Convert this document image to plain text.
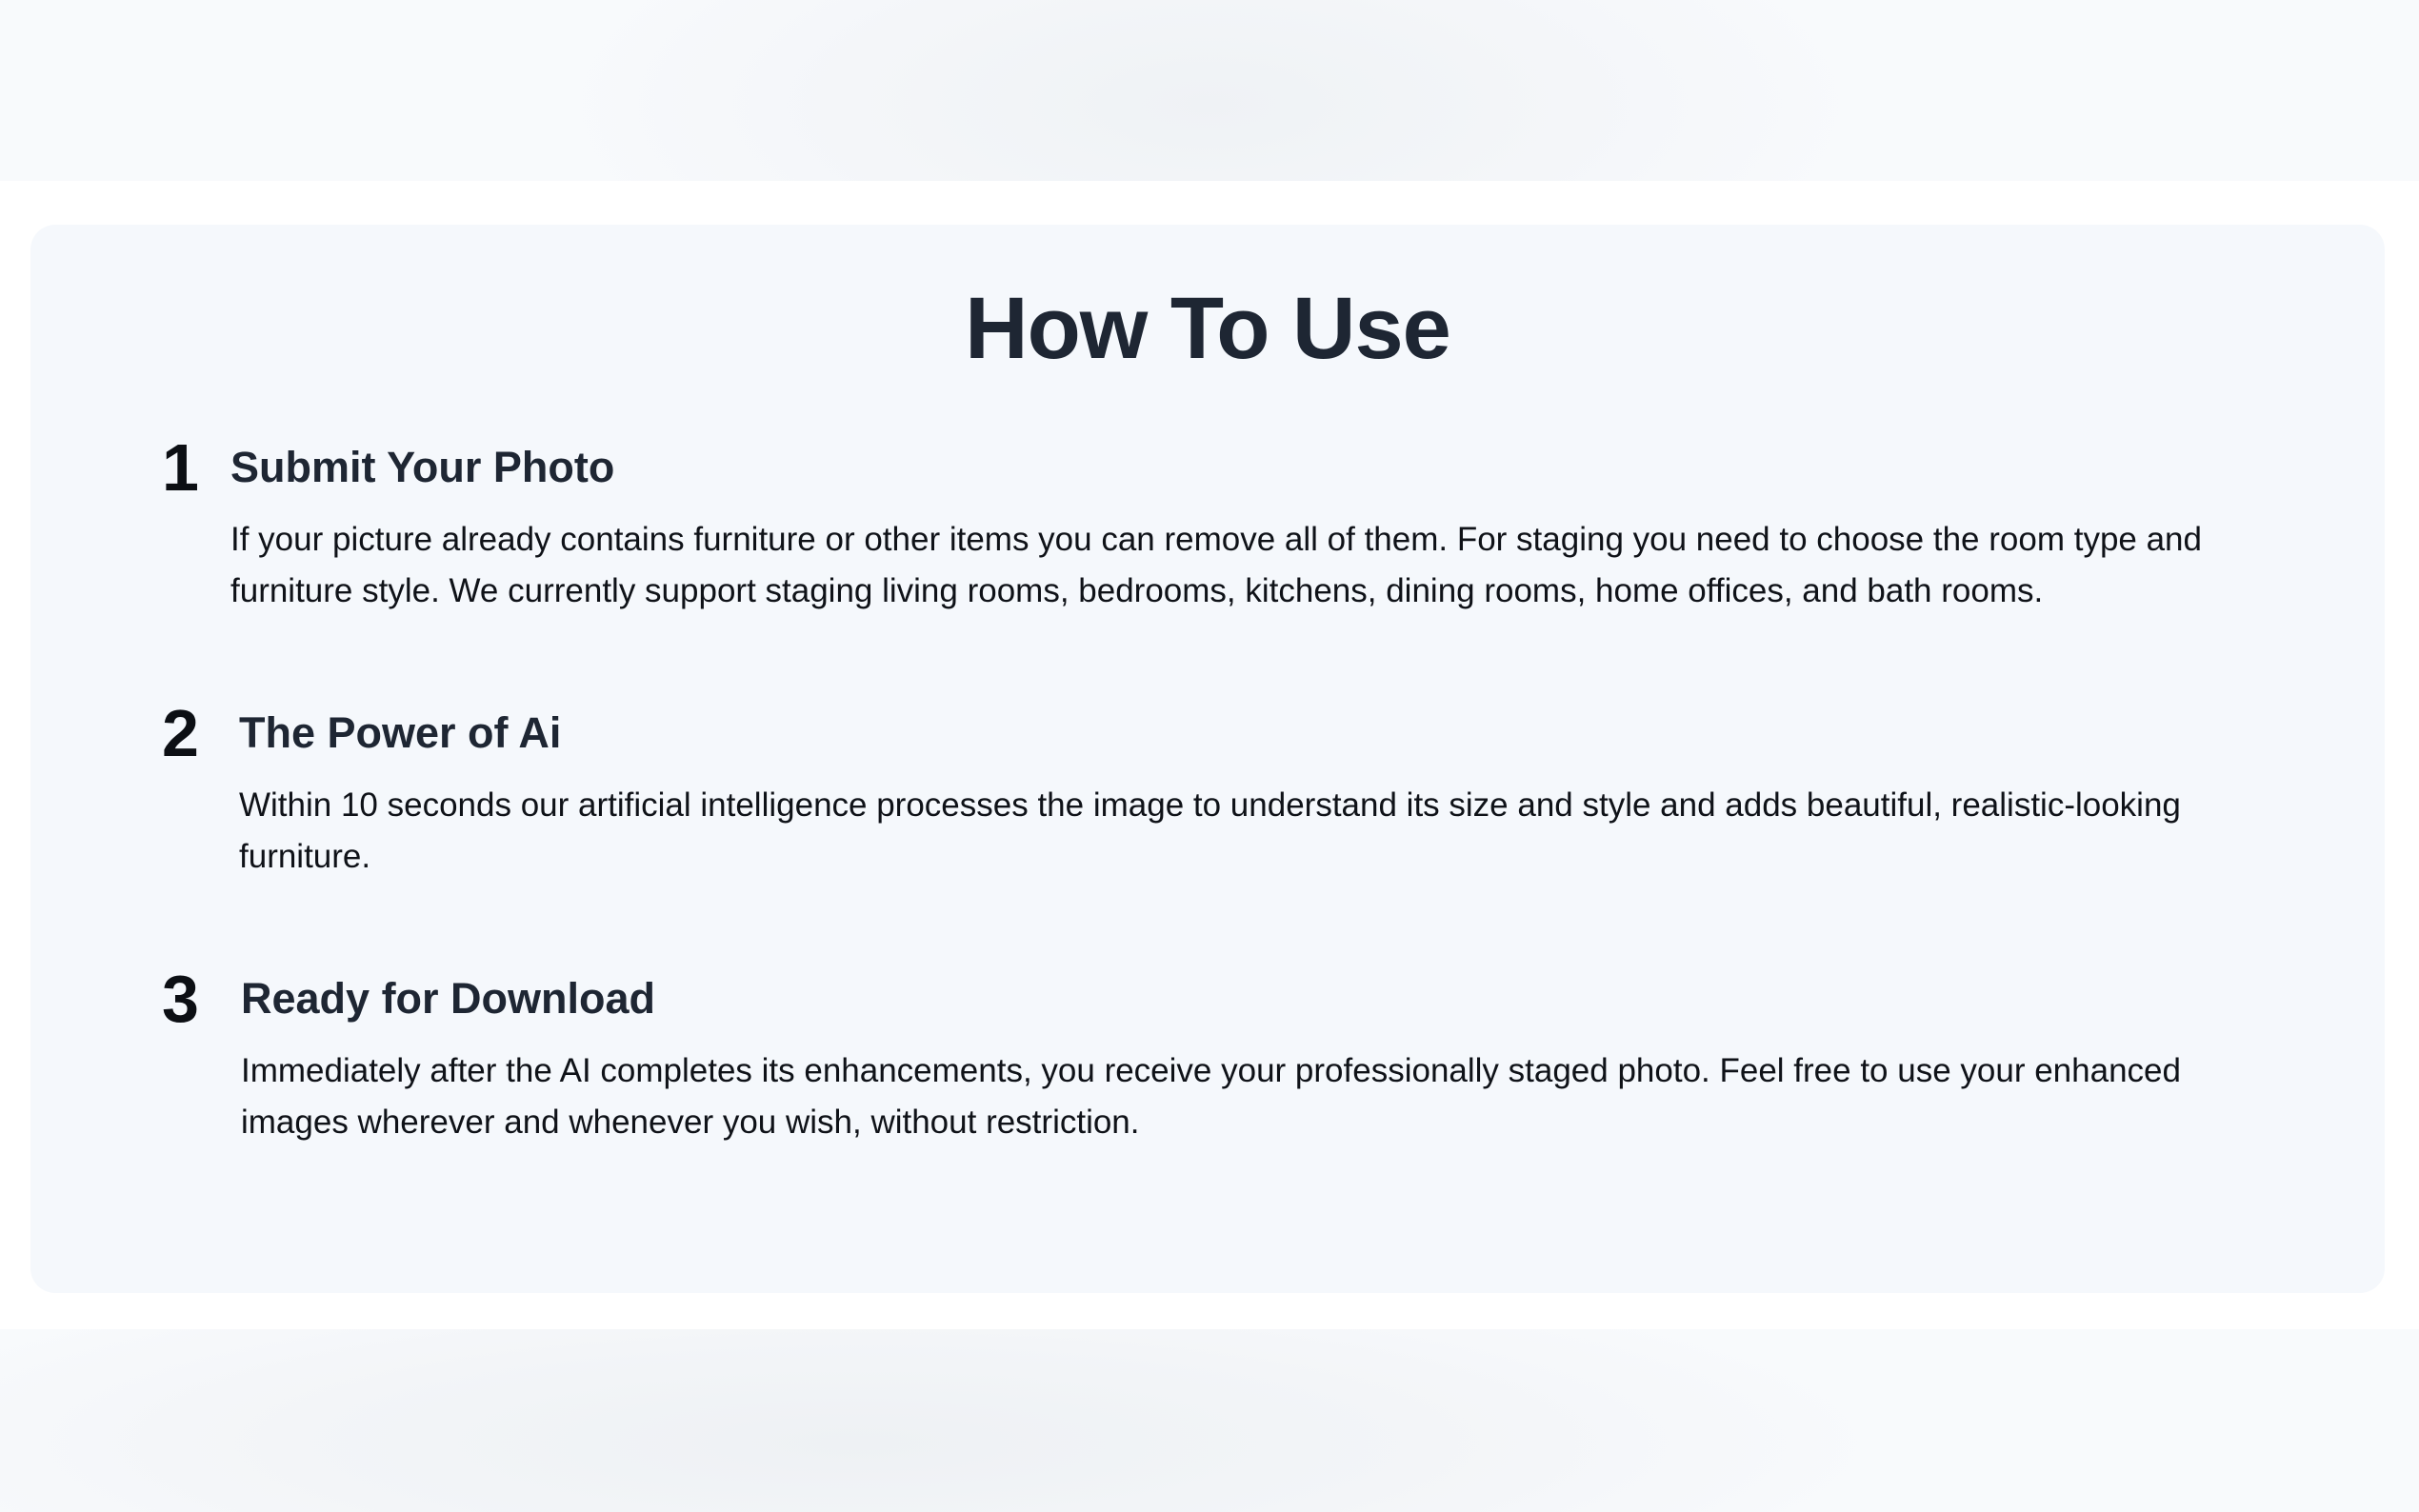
How To Use
1 Submit Your Photo

If your picture already contains furniture or other items you can remove all of them. For staging you need to choose the room type and furniture style. We currently support staging living rooms, bedrooms, kitchens, dining rooms, home offices, and bath rooms.

2 The Power of Ai

Within 10 seconds our artificial intelligence processes the image to understand its size and style and adds beautiful, realistic-looking furniture.

3 Ready for Download

Immediately after the AI completes its enhancements, you receive your professionally staged photo. Feel free to use your enhanced images wherever and whenever you wish, without restriction.
